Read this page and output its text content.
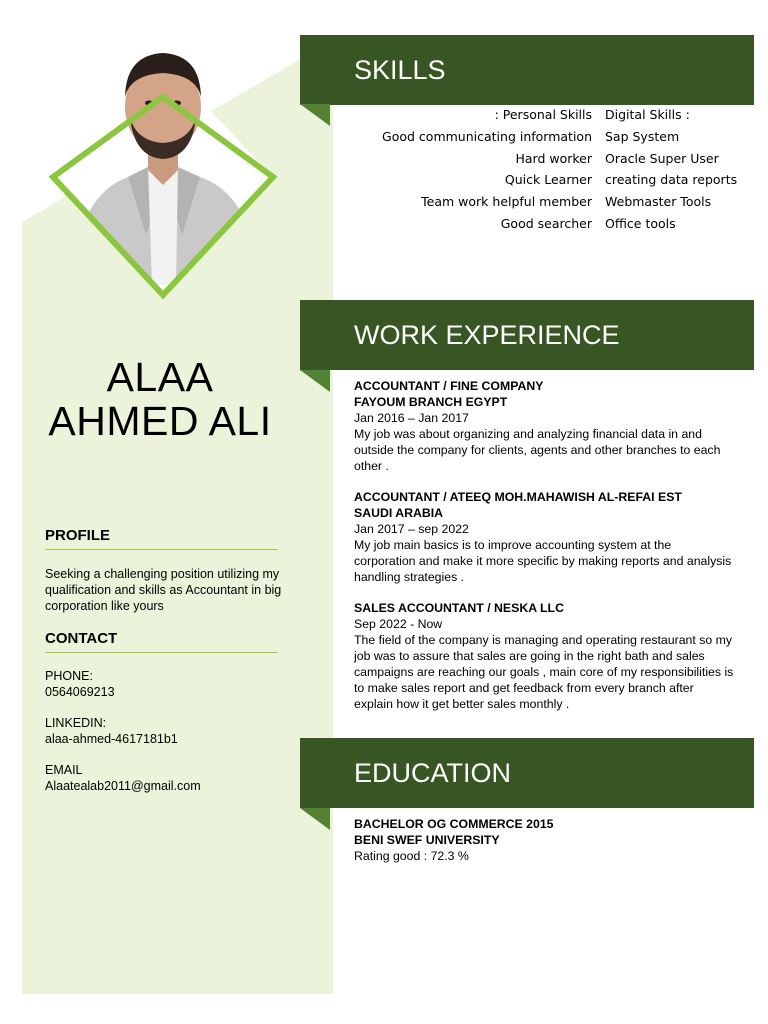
ALAA
AHMED ALI
PROFILE
Seeking a challenging position utilizing my qualification and skills as Accountant in big corporation like yours
CONTACT
PHONE:
0564069213
LINKEDIN:
alaa-ahmed-4617181b1
EMAIL
Alaatealab2011@gmail.com
SKILLS
: Personal Skills
Good communicating information
Hard worker
Quick Learner
Team work helpful member
Good searcher
Digital Skills :
Sap System
Oracle Super User
creating data reports
Webmaster Tools
Office tools
WORK EXPERIENCE
ACCOUNTANT / FINE COMPANY
FAYOUM BRANCH EGYPT
Jan 2016 – Jan 2017
My job was about organizing and analyzing financial data in and outside the company for clients, agents and other branches to each other .
ACCOUNTANT / ATEEQ MOH.MAHAWISH AL-REFAI EST
SAUDI ARABIA
Jan 2017 – sep 2022
My job main basics is to improve accounting system at the corporation and make it more specific by making reports and analysis handling strategies .
SALES ACCOUNTANT / NESKA LLC
Sep 2022 - Now
The field of the company is managing and operating restaurant so my job was to assure that sales are going in the right bath and sales campaigns are reaching our goals , main core of my responsibilities is to make sales report and get feedback from every branch after explain how it get better sales monthly .
EDUCATION
BACHELOR OG COMMERCE 2015
BENI SWEF UNIVERSITY
Rating good : 72.3 %
